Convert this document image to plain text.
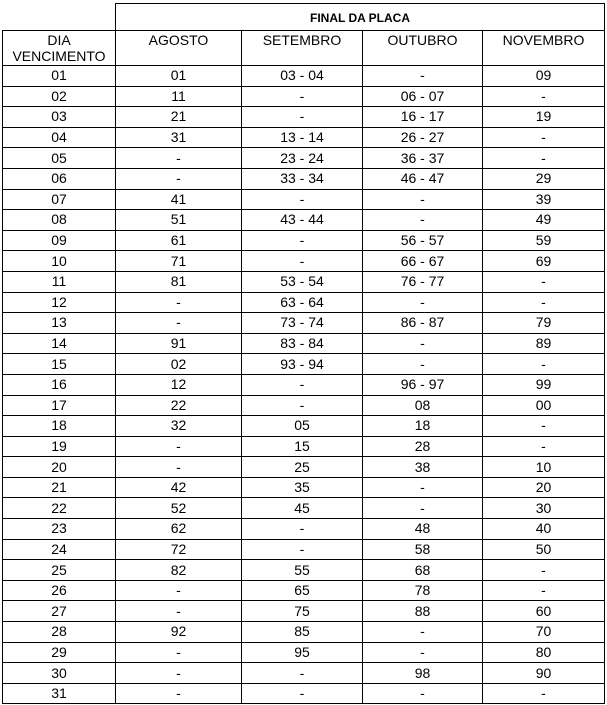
	FINAL DA PLACA			

DIA
VENCIMENTO	AGOSTO	SETEMBRO	OUTUBRO	NOVEMBRO
01	01	03 - 04	-	09
02	11	-	06 - 07	-
03	21	-	16 - 17	19
04	31	13 - 14	26 - 27	-
05	-	23 - 24	36 - 37	-
06	-	33 - 34	46 - 47	29
07	41	-	-	39
08	51	43 - 44	-	49
09	61	-	56 - 57	59
10	71	-	66 - 67	69
11	81	53 - 54	76 - 77	-
12	-	63 - 64	-	-
13	-	73 - 74	86 - 87	79
14	91	83 - 84	-	89
15	02	93 - 94	-	-
16	12	-	96 - 97	99
17	22	-	08	00
18	32	05	18	-
19	-	15	28	-
20	-	25	38	10
21	42	35	-	20
22	52	45	-	30
23	62	-	48	40
24	72	-	58	50
25	82	55	68	-
26	-	65	78	-
27	-	75	88	60
28	92	85	-	70
29	-	95	-	80
30	-	-	98	90
31	-	-	-	-
